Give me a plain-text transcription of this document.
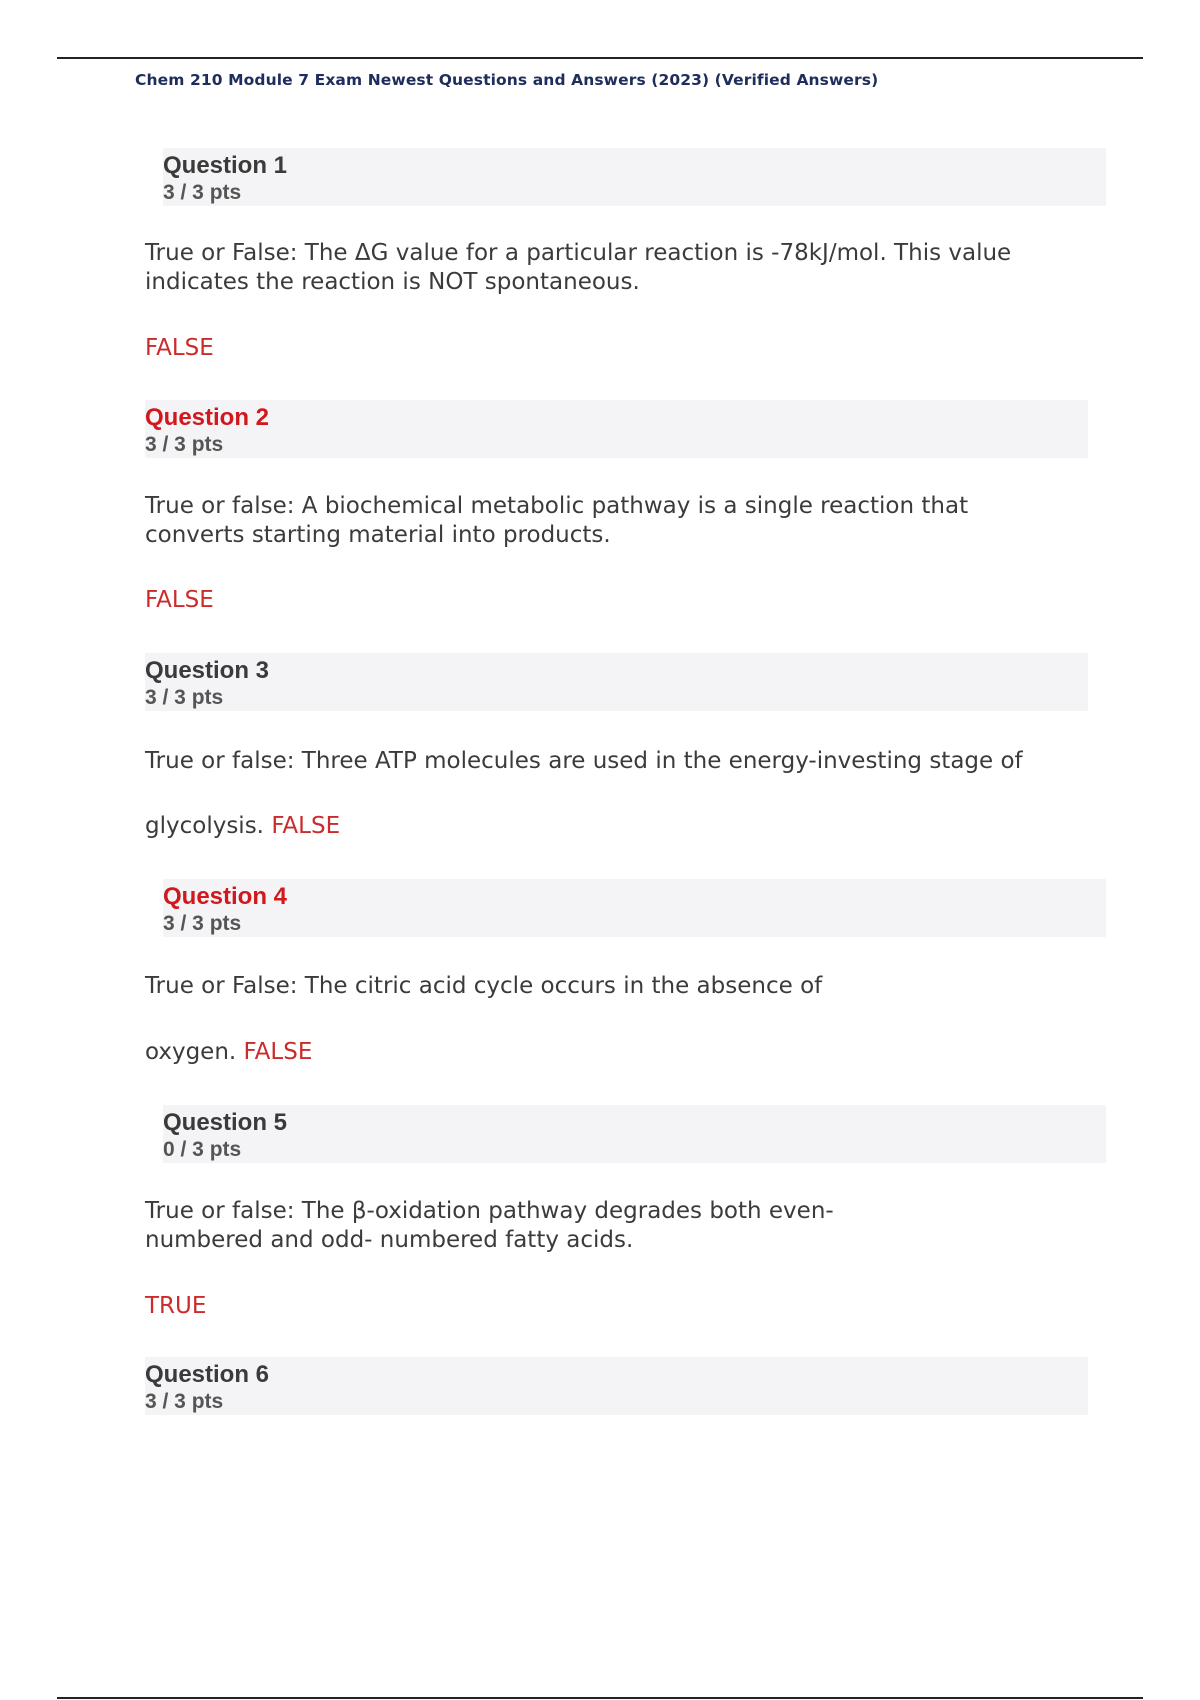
Chem 210 Module 7 Exam Newest Questions and Answers (2023) (Verified Answers)
Question 1
3 / 3 pts
True or False: The ΔG value for a particular reaction is -78kJ/mol. This value
indicates the reaction is NOT spontaneous.
FALSE
Question 2
3 / 3 pts
True or false: A biochemical metabolic pathway is a single reaction that
converts starting material into products.
FALSE
Question 3
3 / 3 pts
True or false: Three ATP molecules are used in the energy-investing stage of
glycolysis. FALSE
Question 4
3 / 3 pts
True or False: The citric acid cycle occurs in the absence of
oxygen. FALSE
Question 5
0 / 3 pts
True or false: The β-oxidation pathway degrades both even-
numbered and odd- numbered fatty acids.
TRUE
Question 6
3 / 3 pts
